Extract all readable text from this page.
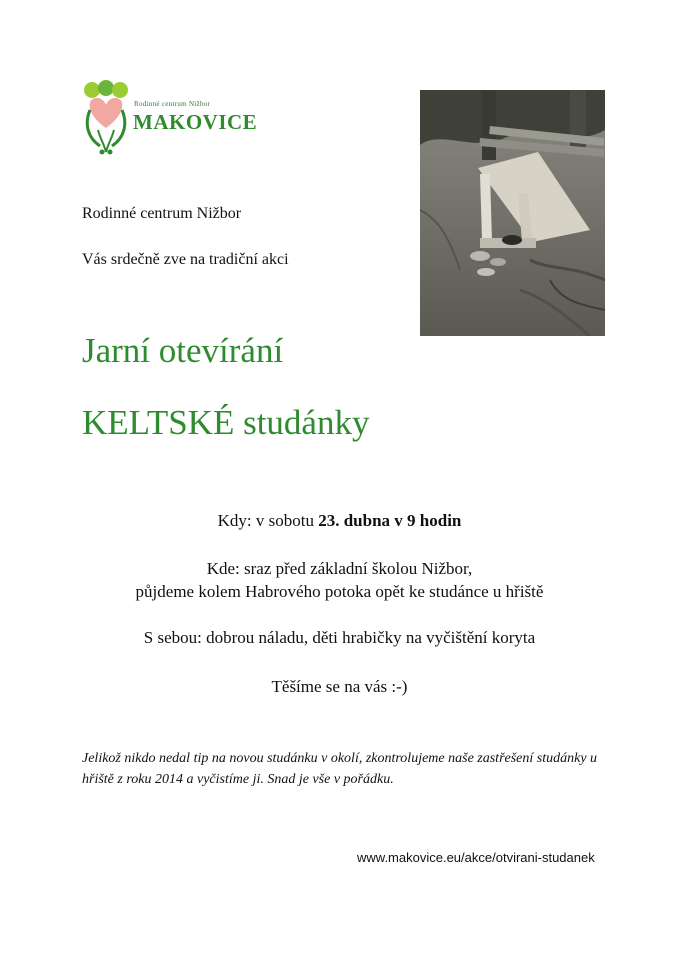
Rodinné centrum Nižbor
MAKOVICE
Rodinné centrum Nižbor
Vás srdečně zve na tradiční akci
Jarní otevírání
KELTSKÉ studánky
Kdy: v sobotu 23. dubna v 9 hodin
Kde: sraz před základní školou Nižbor,
půjdeme kolem Habrového potoka opět ke studánce u hřiště
S sebou: dobrou náladu, děti hrabičky na vyčištění koryta
Těšíme se na vás :-)
Jelikož nikdo nedal tip na novou studánku v okolí, zkontrolujeme naše zastřešení studánky u hřiště z roku 2014 a vyčistíme ji. Snad je vše v pořádku.
www.makovice.eu/akce/otvirani-studanek
